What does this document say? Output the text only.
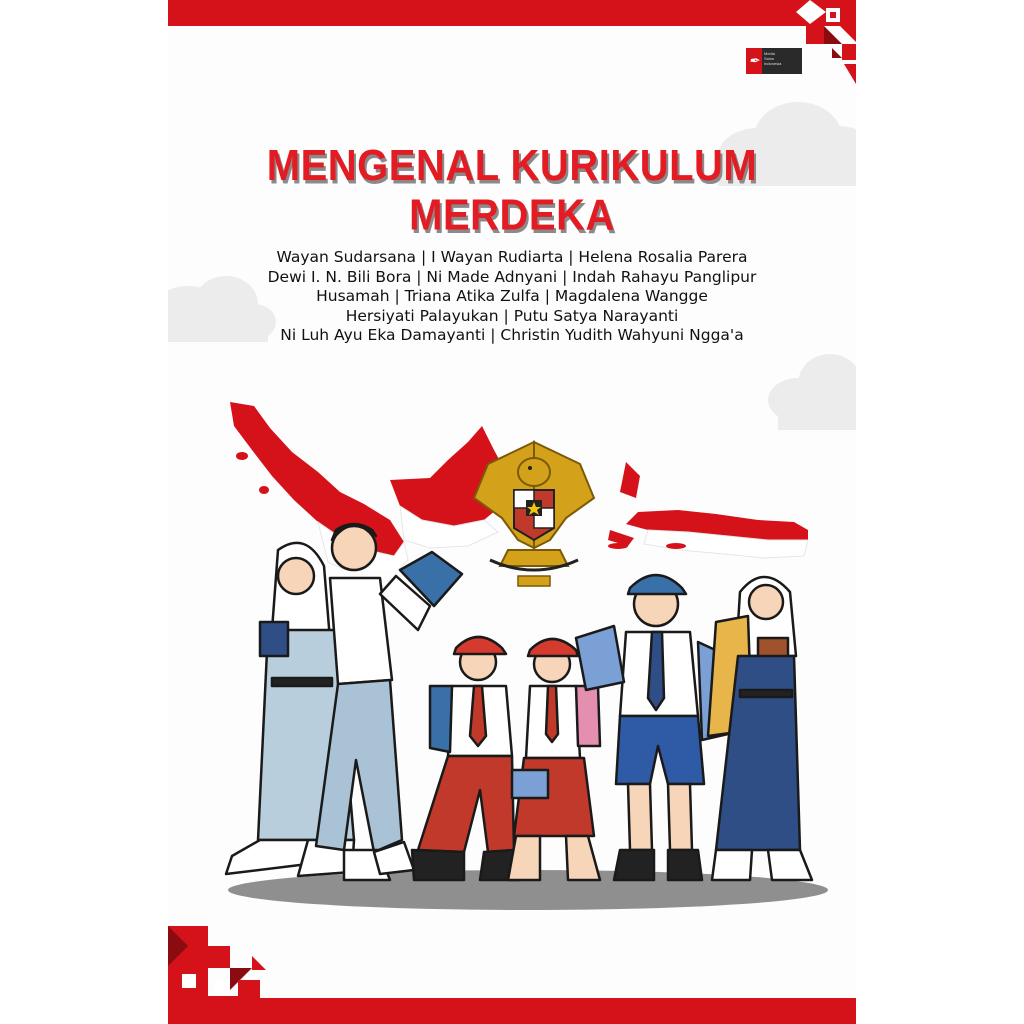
✒	Media
Sains
Indonesia
MENGENAL KURIKULUM MERDEKA
Wayan Sudarsana | I Wayan Rudiarta | Helena Rosalia Parera
Dewi I. N. Bili Bora | Ni Made Adnyani | Indah Rahayu Panglipur
Husamah | Triana Atika Zulfa | Magdalena Wangge
Hersiyati Palayukan | Putu Satya Narayanti
Ni Luh Ayu Eka Damayanti | Christin Yudith Wahyuni Ngga'a
